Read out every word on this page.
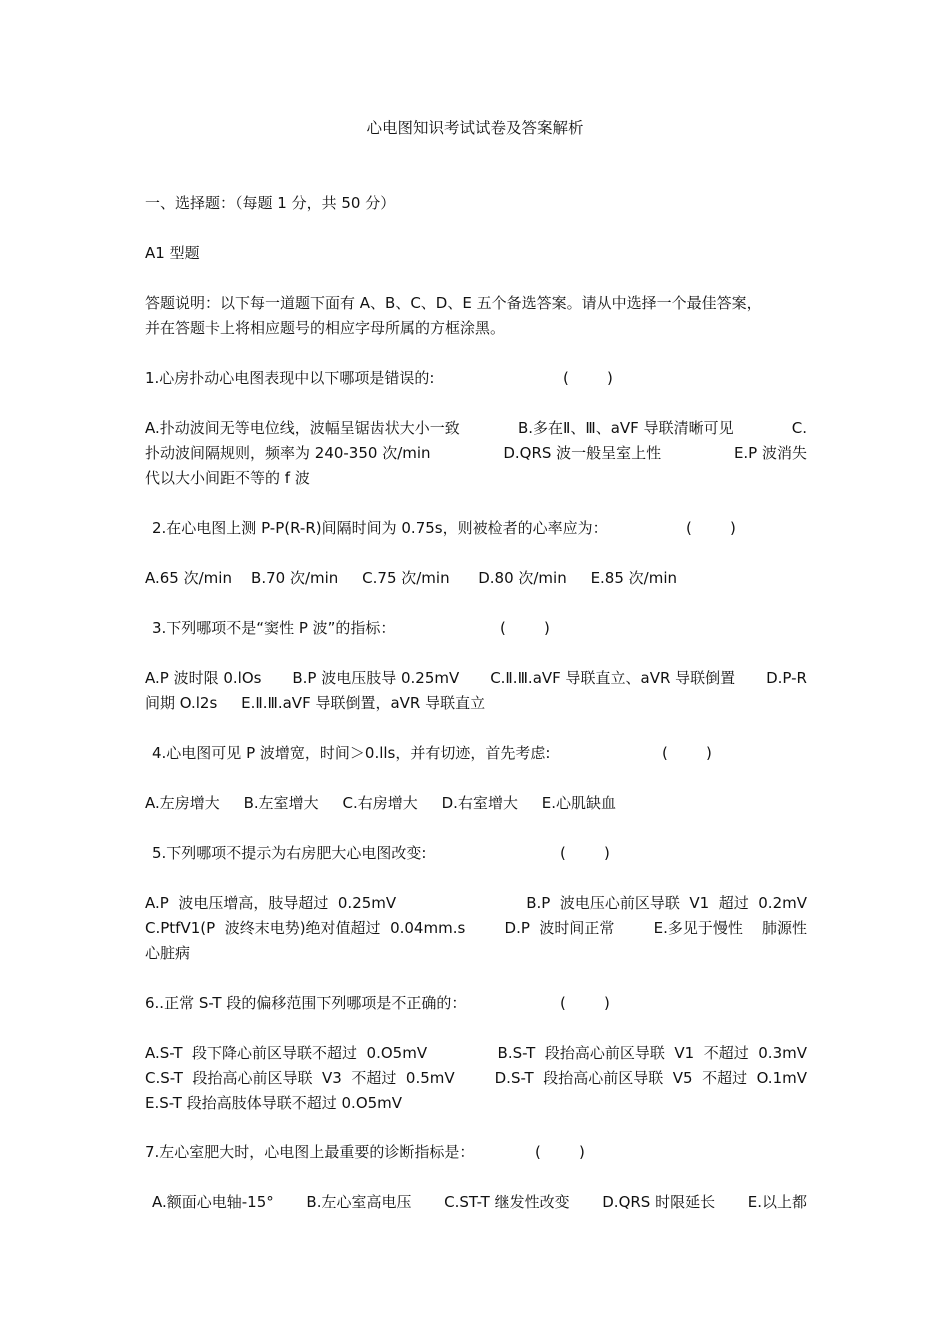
心电图知识考试试卷及答案解析
一、选择题：（每题 1 分，共 50 分）
A1 型题
答题说明：以下每一道题下面有 A、B、C、D、E 五个备选答案。请从中选择一个最佳答案，
并在答题卡上将相应题号的相应字母所属的方框涂黑。
1.心房扑动心电图表现中以下哪项是错误的:	(        )
A.扑动波间无等电位线，波幅呈锯齿状大小一致	B.多在Ⅱ、Ⅲ、aVF 导联清晰可见	C.
扑动波间隔规则，频率为 240-350 次/min	D.QRS 波一般呈室上性	E.P 波消失
代以大小间距不等的 f 波
2.在心电图上测 P-P(R-R)间隔时间为 0.75s，则被检者的心率应为：	(        )
A.65 次/min B.70 次/min C.75 次/min D.80 次/min E.85 次/min
3.下列哪项不是“窦性 P 波”的指标：	(        )
A.P 波时限 0.lOs B.P 波电压肢导 0.25mV C.Ⅱ.Ⅲ.aVF 导联直立、aVR 导联倒置 D.P-R
间期 O.l2s E.Ⅱ.Ⅲ.aVF 导联倒置，aVR 导联直立
4.心电图可见 P 波增宽，时间＞0.lls，并有切迹，首先考虑:	(        )
A.左房增大 B.左室增大 C.右房增大 D.右室增大 E.心肌缺血
5.下列哪项不提示为右房肥大心电图改变:	(        )
A.P  波电压增高，肢导超过  0.25mV	B.P  波电压心前区导联  V1  超过  0.2mV
C.PtfV1(P  波终末电势)绝对值超过  0.04mm.s	D.P  波时间正常	E.多见于慢性    肺源性
心脏病
6..正常 S-T 段的偏移范围下列哪项是不正确的：	(        )
A.S-T  段下降心前区导联不超过  0.O5mV	B.S-T  段抬高心前区导联  V1  不超过  0.3mV
C.S-T  段抬高心前区导联  V3  不超过  0.5mV	D.S-T  段抬高心前区导联  V5  不超过  O.1mV
E.S-T 段抬高肢体导联不超过 0.O5mV
7.左心室肥大时，心电图上最重要的诊断指标是：	(        )
A.额面心电轴-15° B.左心室高电压 C.ST-T 继发性改变 D.QRS 时限延长 E.以上都
